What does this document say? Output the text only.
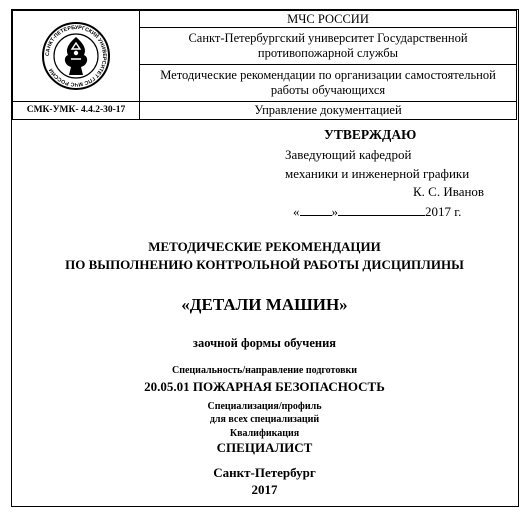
САНКТ-ПЕТЕРБУРГСКИЙ УНИВЕРСИТЕТ ГПС МЧС РОССИИ	МЧС РОССИИ
	Санкт-Петербургский университет Государственной противопожарной службы
	Методические рекомендации по организации самостоятельной работы обучающихся
СМК-УМК- 4.4.2-30-17	Управление документацией
УТВЕРЖДАЮ
Заведующий кафедрой
механики и инженерной графики
К. С. Иванов
« »	2017 г.
МЕТОДИЧЕСКИЕ РЕКОМЕНДАЦИИ
ПО ВЫПОЛНЕНИЮ КОНТРОЛЬНОЙ РАБОТЫ ДИСЦИПЛИНЫ
«ДЕТАЛИ МАШИН»
заочной формы обучения
Специальность/направление подготовки
20.05.01 ПОЖАРНАЯ БЕЗОПАСНОСТЬ
Специализация/профиль
для всех специализаций
Квалификация
СПЕЦИАЛИСТ
Санкт-Петербург
2017
